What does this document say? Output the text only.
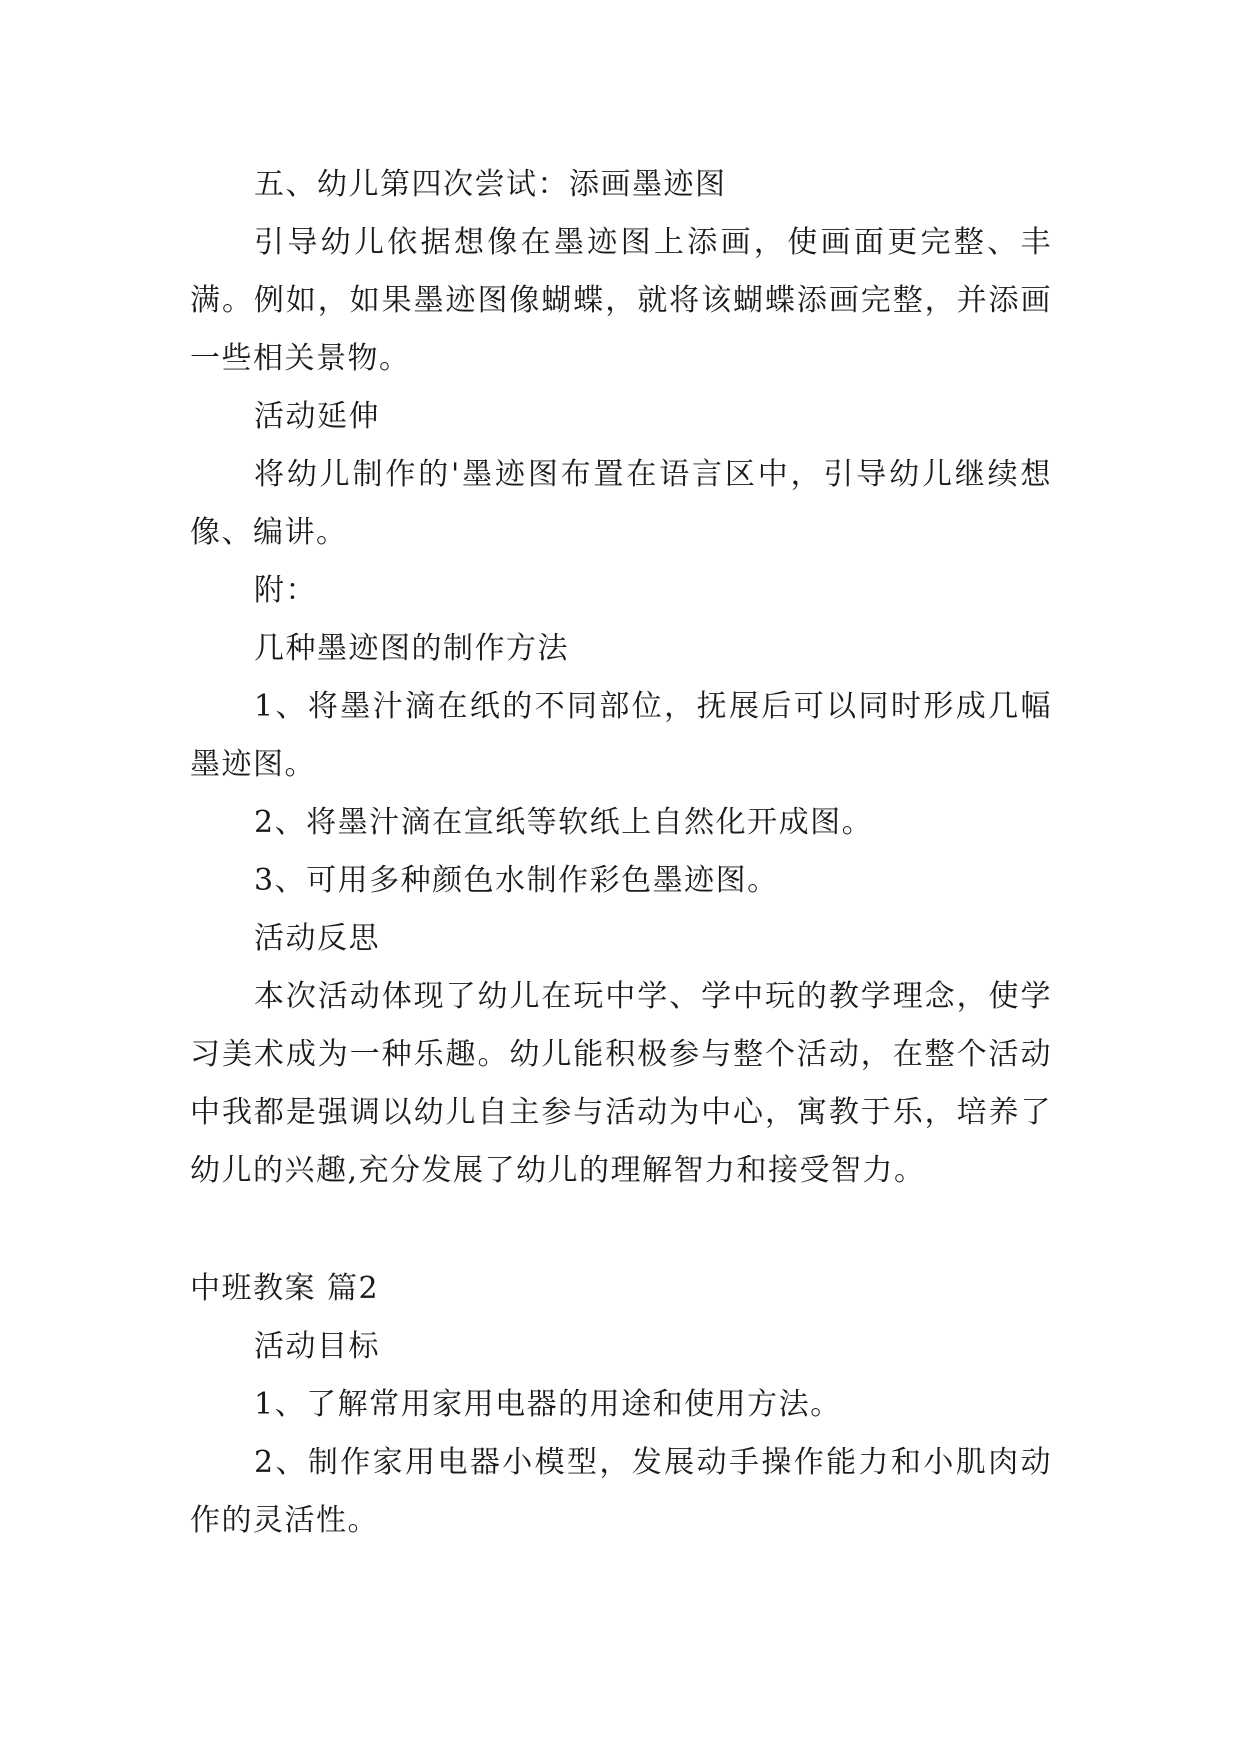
五、幼儿第四次尝试：添画墨迹图

引导幼儿依据想像在墨迹图上添画，使画面更完整、丰满。例如，如果墨迹图像蝴蝶，就将该蝴蝶添画完整，并添画一些相关景物。

活动延伸

将幼儿制作的'墨迹图布置在语言区中，引导幼儿继续想像、编讲。

附：

几种墨迹图的制作方法

1、将墨汁滴在纸的不同部位，抚展后可以同时形成几幅墨迹图。

2、将墨汁滴在宣纸等软纸上自然化开成图。

3、可用多种颜色水制作彩色墨迹图。

活动反思

本次活动体现了幼儿在玩中学、学中玩的教学理念，使学习美术成为一种乐趣。幼儿能积极参与整个活动，在整个活动中我都是强调以幼儿自主参与活动为中心，寓教于乐，培养了幼儿的兴趣,充分发展了幼儿的理解智力和接受智力。

中班教案 篇2

活动目标

1、了解常用家用电器的用途和使用方法。

2、制作家用电器小模型，发展动手操作能力和小肌肉动作的灵活性。
